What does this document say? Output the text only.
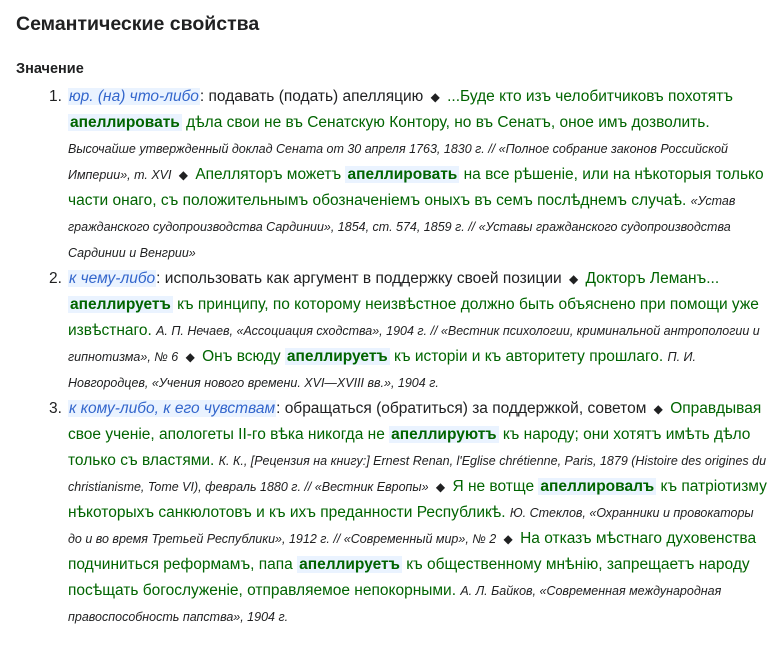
Семантические свойства
Значение
1. юр. (на) что-либо: подавать (подать) апелляцию ◆ ...Буде кто изъ челобитчиковъ похотятъ апеллировать дѣла свои не въ Сенатскую Контору, но въ Сенатъ, оное имъ дозволить. Высочайше утвержденный доклад Сената от 30 апреля 1763, 1830 г. // «Полное собрание законов Российской Империи», т. XVI ◆ Апелляторъ можетъ апеллировать на все рѣшенiе, или на нѣкоторыя только части онаго, съ положительнымъ обозначенiемъ оныхъ въ семъ послѣднемъ случаѣ. «Устав гражданского судопроизводства Сардинии», 1854, ст. 574, 1859 г. // «Уставы гражданского судопроизводства Сардинии и Венгрии»
2. к чему-либо: использовать как аргумент в поддержку своей позиции ◆ Докторъ Леманъ... апеллируетъ къ принципу, по которому неизвѣстное должно быть объяснено при помощи уже извѣстнаго. А. П. Нечаев, «Ассоциация сходства», 1904 г. // «Вестник психологии, криминальной антропологии и гипнотизма», № 6 ◆ Онъ всюду апеллируетъ къ исторiи и къ авторитету прошлаго. П. И. Новгородцев, «Учения нового времени. XVI—XVIII вв.», 1904 г.
3. к кому-либо, к его чувствам: обращаться (обратиться) за поддержкой, советом ◆ Оправдывая свое ученiе, апологеты II-го вѣка никогда не апеллируютъ къ народу; они хотятъ имѣть дѣло только съ властями. К. К., [Рецензия на книгу:] Ernest Renan, l'Eglise chrétienne, Paris, 1879 (Histoire des origines du christianisme, Tome VI), февраль 1880 г. // «Вестник Европы» ◆ Я не вотще апеллировалъ къ патрiотизму нѣкоторыхъ санкюлотовъ и къ ихъ преданности Республикѣ. Ю. Стеклов, «Охранники и провокаторы до и во время Третьей Республики», 1912 г. // «Современный мир», № 2 ◆ На отказъ мѣстнаго духовенства подчиниться реформамъ, папа апеллируетъ къ общественному мнѣнiю, запрещаетъ народу посѣщать богослуженiе, отправляемое непокорными. А. Л. Байков, «Современная международная правоспособность папства», 1904 г.
